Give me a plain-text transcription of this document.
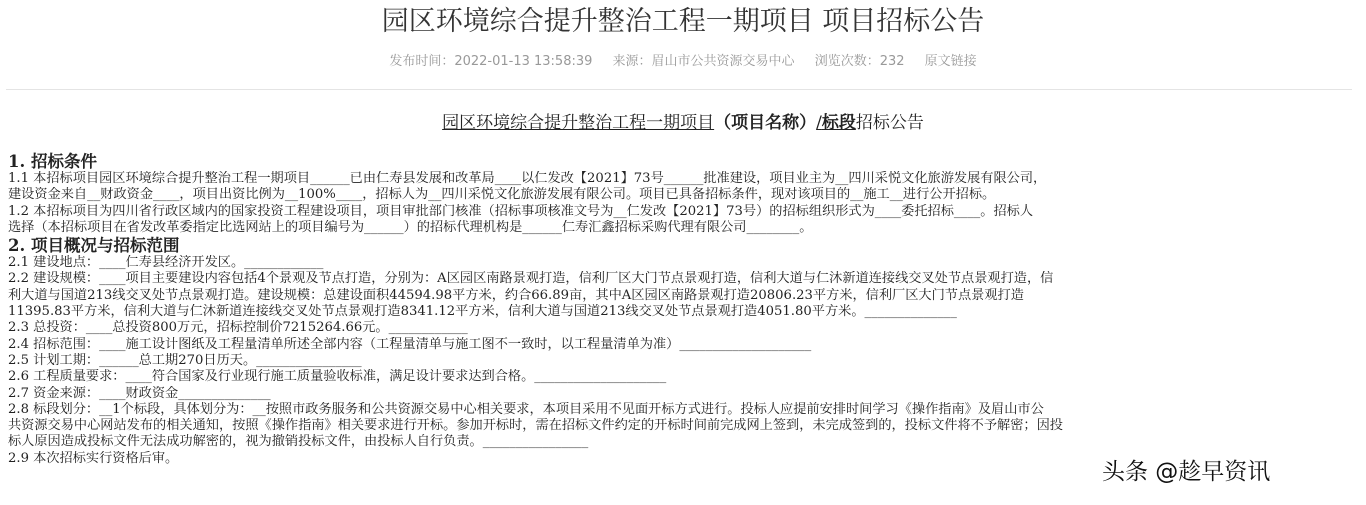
园区环境综合提升整治工程一期项目 项目招标公告
发布时间：2022-01-13 13:58:39 来源：眉山市公共资源交易中心 浏览次数：232 原文链接
园区环境综合提升整治工程一期项目（项目名称）/标段招标公告

1. 招标条件

1.1 本招标项目园区环境综合提升整治工程一期项目______已由仁寿县发展和改革局____以仁发改【2021】73号______批准建设，项目业主为__四川采悦文化旅游发展有限公司，

建设资金来自__财政资金____，项目出资比例为__100%____，招标人为__四川采悦文化旅游发展有限公司。项目已具备招标条件，现对该项目的__施工__进行公开招标。

1.2 本招标项目为四川省行政区域内的国家投资工程建设项目，项目审批部门核准（招标事项核准文号为__仁发改【2021】73号）的招标组织形式为____委托招标____。招标人

选择（本招标项目在省发改革委指定比选网站上的项目编号为______）的招标代理机构是______仁寿汇鑫招标采购代理有限公司________。

2. 项目概况与招标范围

2.1 建设地点：____仁寿县经济开发区。____________

2.2 建设规模：____项目主要建设内容包括4个景观及节点打造，分别为：A区园区南路景观打造，信利厂区大门节点景观打造，信利大道与仁沐新道连接线交叉处节点景观打造，信

利大道与国道213线交叉处节点景观打造。建设规模：总建设面积44594.98平方米，约合66.89亩，其中A区园区南路景观打造20806.23平方米，信利厂区大门节点景观打造

11395.83平方米，信利大道与仁沐新道连接线交叉处节点景观打造8341.12平方米，信利大道与国道213线交叉处节点景观打造4051.80平方米。______________

2.3 总投资：____总投资800万元，招标控制价7215264.66元。____________

2.4 招标范围：____施工设计图纸及工程量清单所述全部内容（工程量清单与施工图不一致时，以工程量清单为准）____________________

2.5 计划工期：______总工期270日历天。________________

2.6 工程质量要求：____符合国家及行业现行施工质量验收标准，满足设计要求达到合格。____________________

2.7 资金来源：____财政资金______________

2.8 标段划分：__1个标段，具体划分为：__按照市政务服务和公共资源交易中心相关要求，本项目采用不见面开标方式进行。投标人应提前安排时间学习《操作指南》及眉山市公

共资源交易中心网站发布的相关通知，按照《操作指南》相关要求进行开标。参加开标时，需在招标文件约定的开标时间前完成网上签到，未完成签到的，投标文件将不予解密；因投

标人原因造成投标文件无法成功解密的，视为撤销投标文件，由投标人自行负责。________________

2.9 本次招标实行资格后审。

头条 @趁早资讯
